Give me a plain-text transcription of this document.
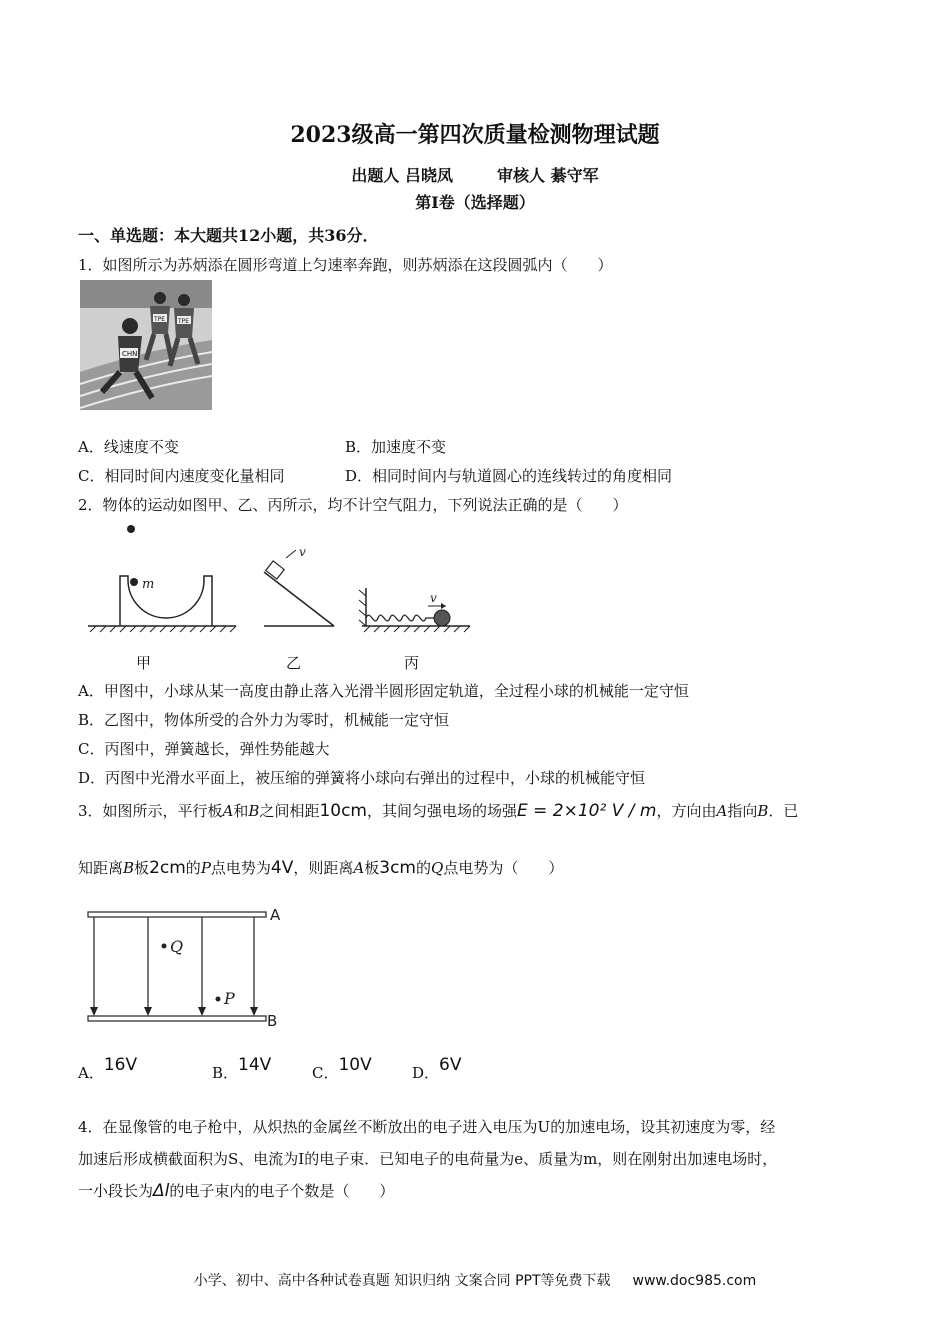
2023级高一第四次质量检测物理试题
出题人 吕晓凤	审核人 綦守军
第Ⅰ卷（选择题）
一、单选题：本大题共12小题，共36分．
1．如图所示为苏炳添在圆形弯道上匀速率奔跑，则苏炳添在这段圆弧内（　　）
CHN
TPE TPE
A．线速度不变	B．加速度不变
C．相同时间内速度变化量相同	D．相同时间内与轨道圆心的连线转过的角度相同
2．物体的运动如图甲、乙、丙所示，均不计空气阻力，下列说法正确的是（　　）
m
v
v
甲	乙	丙
A．甲图中，小球从某一高度由静止落入光滑半圆形固定轨道，全过程小球的机械能一定守恒
B．乙图中，物体所受的合外力为零时，机械能一定守恒
C．丙图中，弹簧越长，弹性势能越大
D．丙图中光滑水平面上，被压缩的弹簧将小球向右弹出的过程中，小球的机械能守恒
3．如图所示，平行板A和B之间相距10cm，其间匀强电场的场强E = 2×10² V / m，方向由A指向B．已
知距离B板2cm的P点电势为4V，则距离A板3cm的Q点电势为（　　）
Q
P
A
B
A．16V	B．14V	C．10V	D．6V
4．在显像管的电子枪中，从炽热的金属丝不断放出的电子进入电压为U的加速电场，设其初速度为零，经
加速后形成横截面积为S、电流为I的电子束．已知电子的电荷量为e、质量为m，则在刚射出加速电场时，
一小段长为Δl的电子束内的电子个数是（　　）
小学、初中、高中各种试卷真题 知识归纳 文案合同 PPT等免费下载 www.doc985.com
